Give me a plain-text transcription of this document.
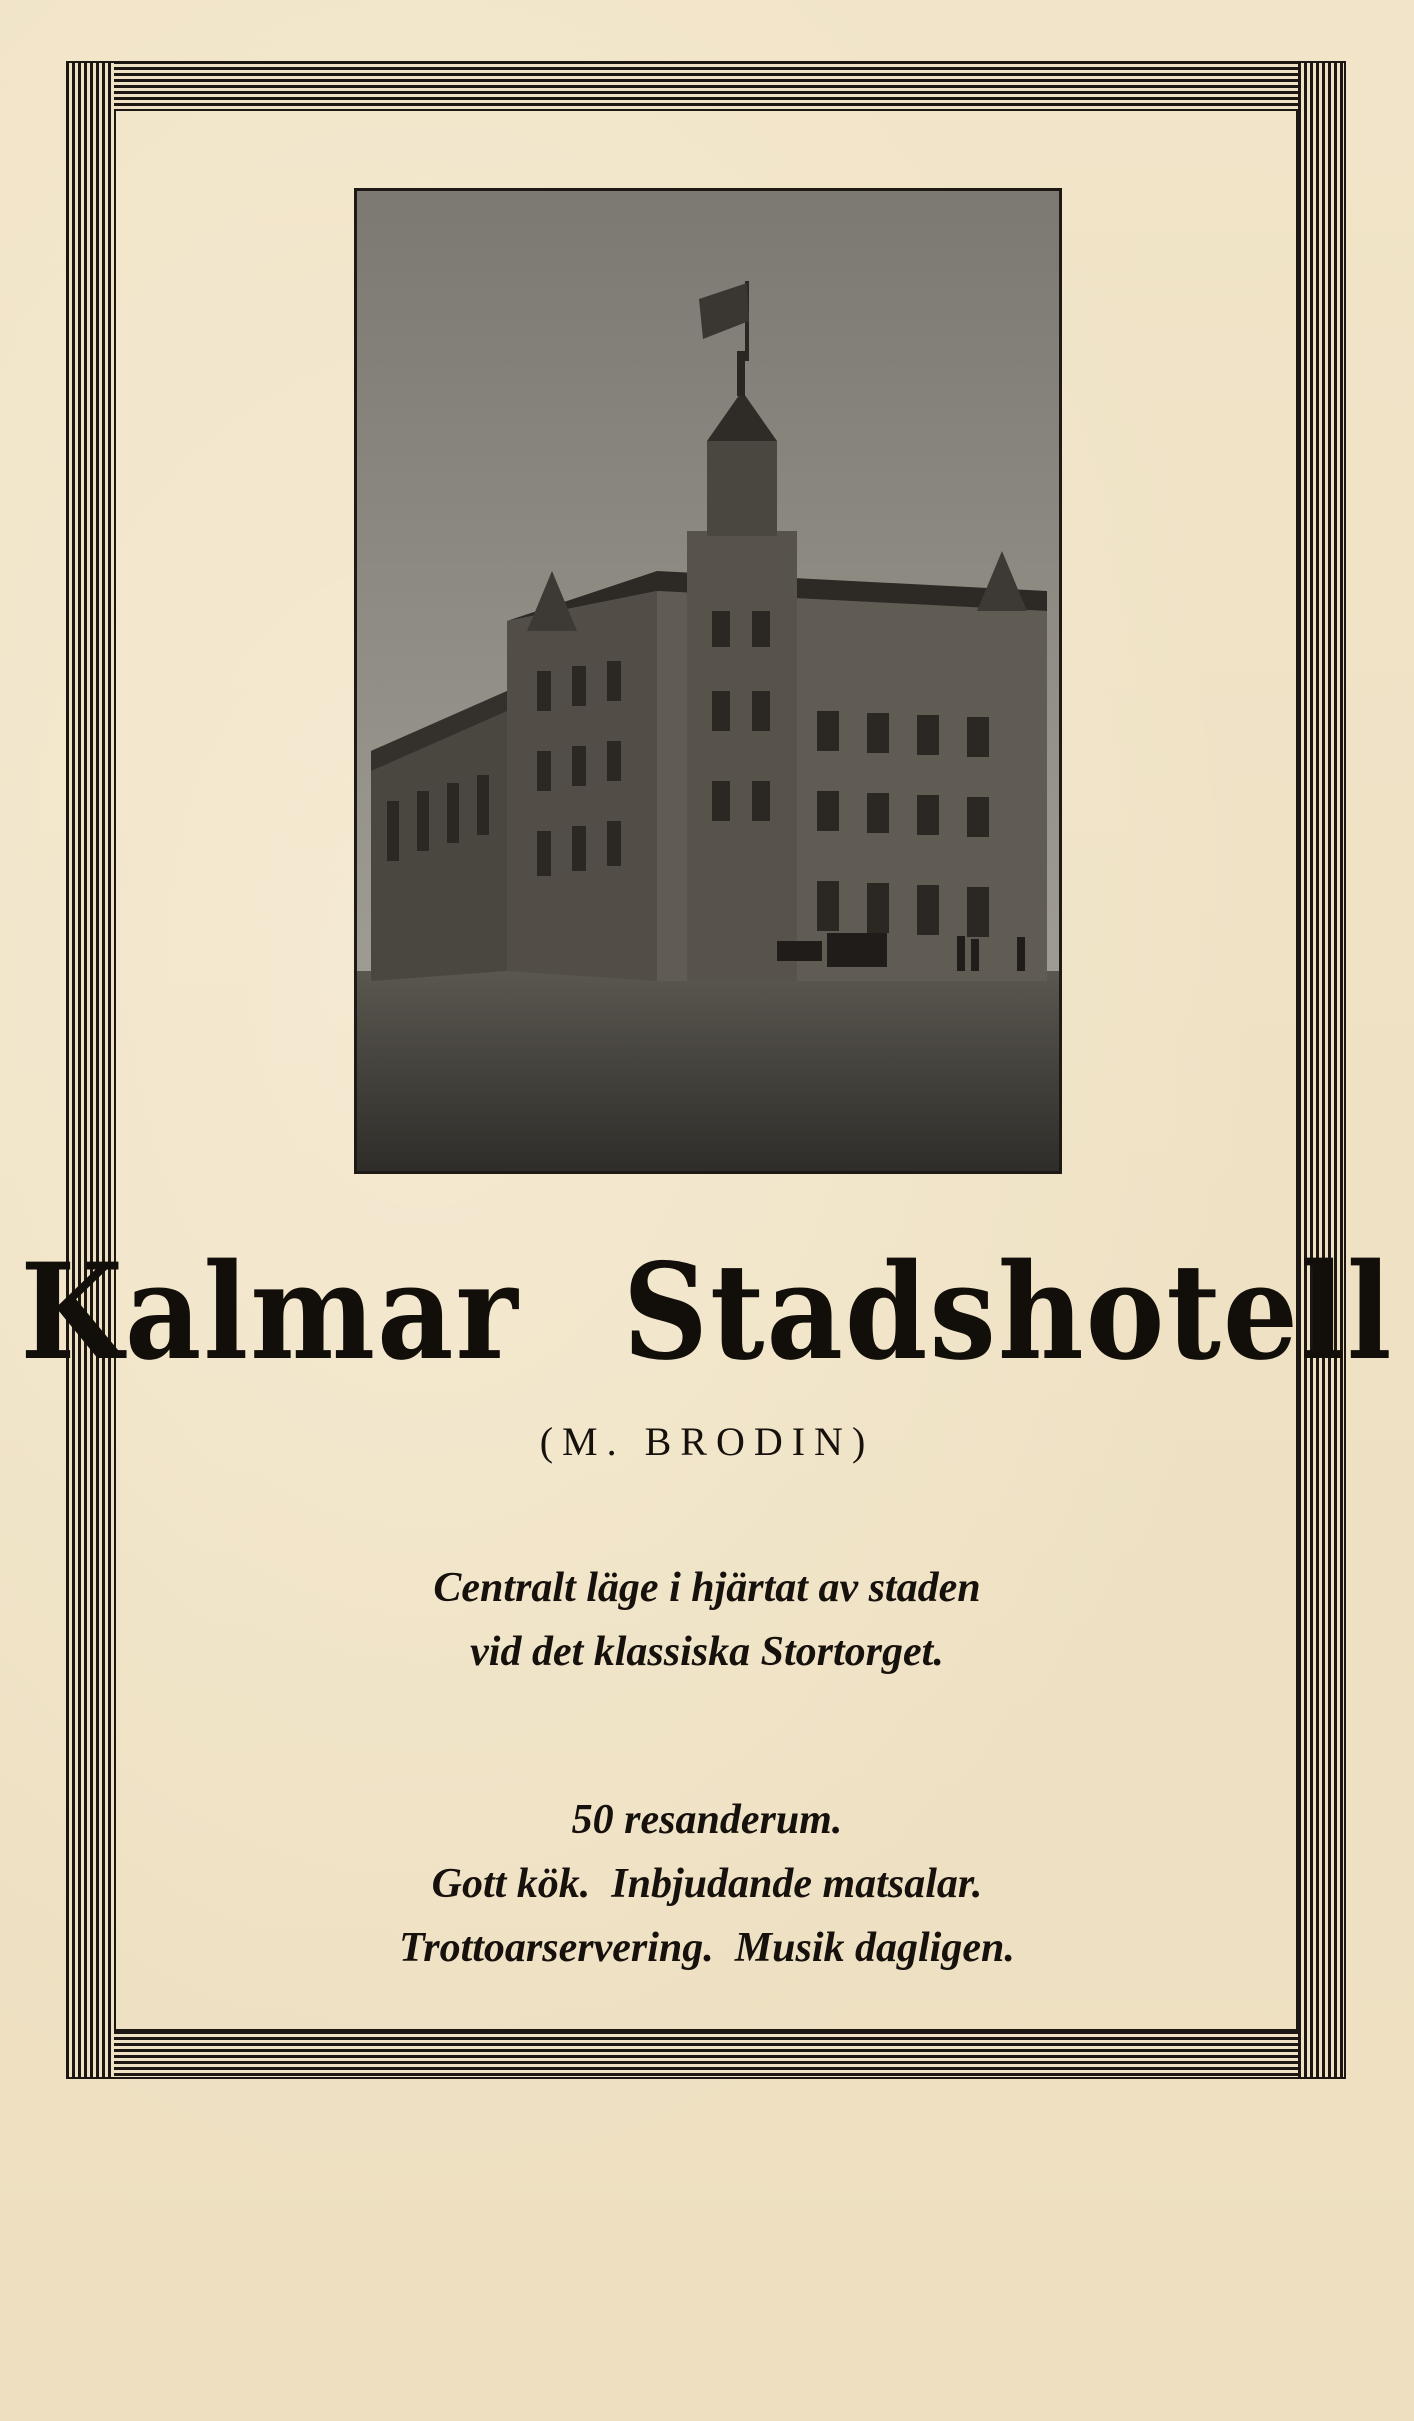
Kalmar Stadshotell
(M. BRODIN)
Centralt läge i hjärtat av staden
vid det klassiska Stortorget.
50 resanderum.
Gott kök.  Inbjudande matsalar.
Trottoarservering.  Musik dagligen.
